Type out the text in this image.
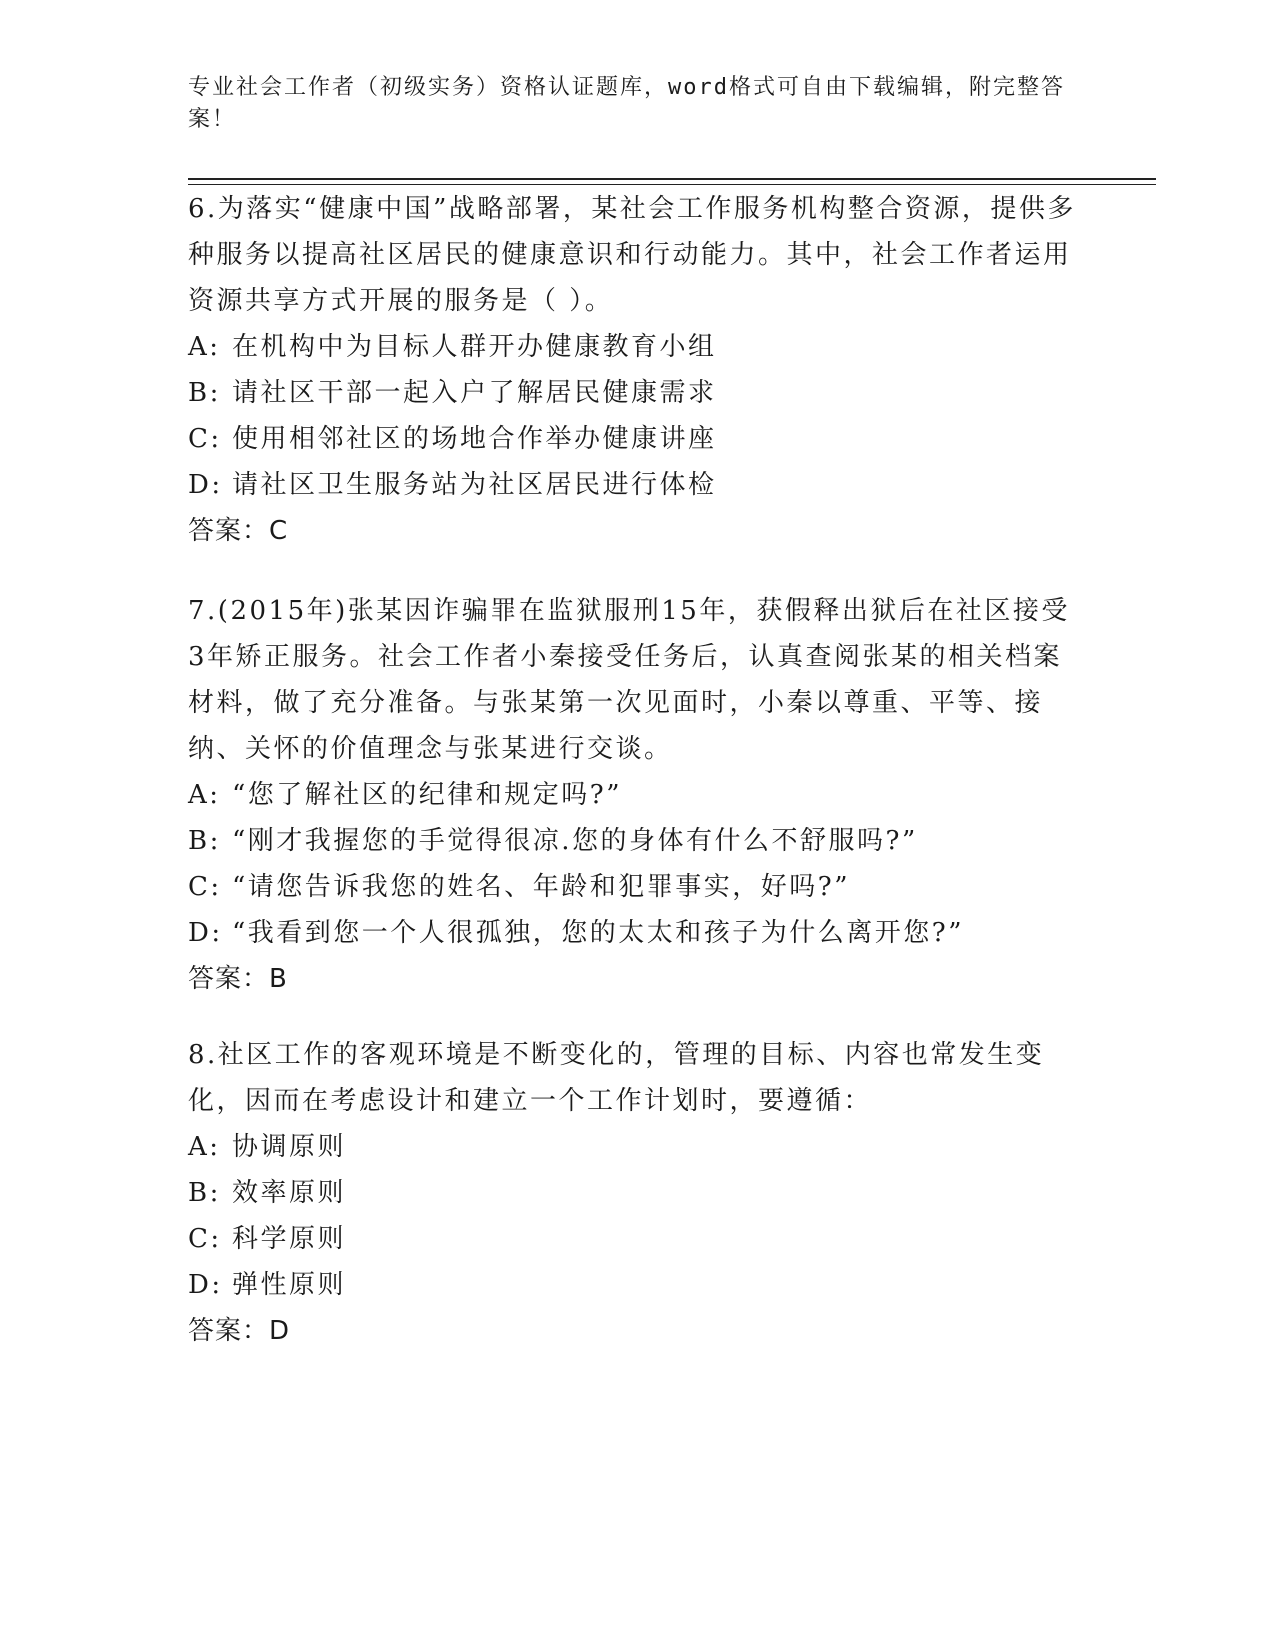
专业社会工作者（初级实务）资格认证题库，word格式可自由下载编辑，附完整答案！
6.为落实“健康中国”战略部署，某社会工作服务机构整合资源，提供多种服务以提高社区居民的健康意识和行动能力。其中，社会工作者运用资源共享方式开展的服务是（ ）。
A: 在机构中为目标人群开办健康教育小组
B: 请社区干部一起入户了解居民健康需求
C: 使用相邻社区的场地合作举办健康讲座
D: 请社区卫生服务站为社区居民进行体检
答案：C
7.(2015年)张某因诈骗罪在监狱服刑15年，获假释出狱后在社区接受3年矫正服务。社会工作者小秦接受任务后，认真查阅张某的相关档案材料，做了充分准备。与张某第一次见面时，小秦以尊重、平等、接纳、关怀的价值理念与张某进行交谈。
A: “您了解社区的纪律和规定吗?”
B: “刚才我握您的手觉得很凉.您的身体有什么不舒服吗?”
C: “请您告诉我您的姓名、年龄和犯罪事实，好吗?”
D: “我看到您一个人很孤独，您的太太和孩子为什么离开您?”
答案：B
8.社区工作的客观环境是不断变化的，管理的目标、内容也常发生变化，因而在考虑设计和建立一个工作计划时，要遵循：
A: 协调原则
B: 效率原则
C: 科学原则
D: 弹性原则
答案：D
